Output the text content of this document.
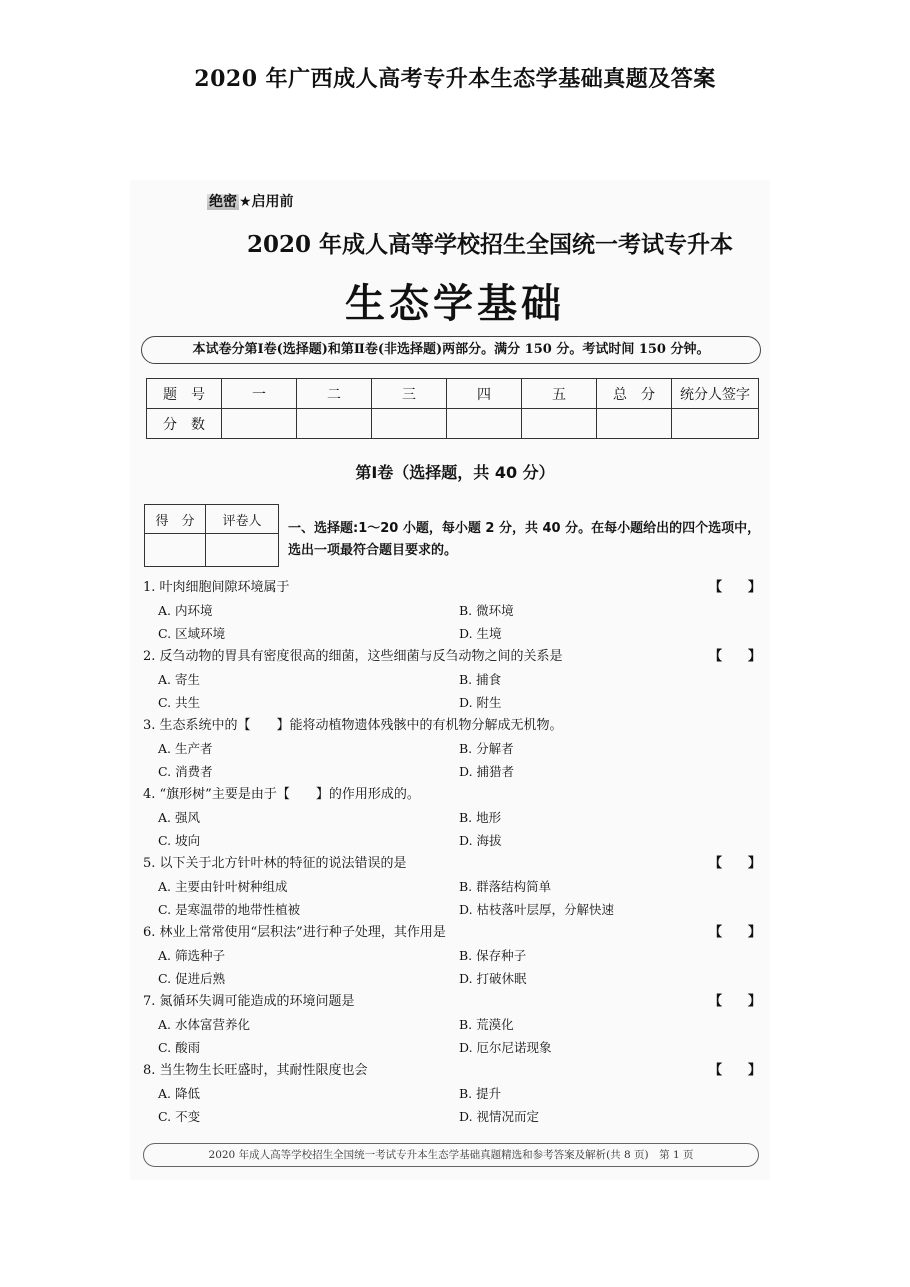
2020 年广西成人高考专升本生态学基础真题及答案
绝密 ★启用前
2020 年成人高等学校招生全国统一考试专升本
生态学基础
本试卷分第Ⅰ卷(选择题)和第Ⅱ卷(非选择题)两部分。满分 150 分。考试时间 150 分钟。
题　号	一	二	三	四	五	总　分	统分人签字
分　数							
第Ⅰ卷（选择题，共 40 分）
得　分	评卷人
	一、选择题:1～20 小题，每小题 2 分，共 40 分。在每小题给出的四个选项中，选出一项最符合题目要求的。
1. 叶肉细胞间隙环境属于	【　　】
A. 内环境	B. 微环境
C. 区域环境	D. 生境
2. 反刍动物的胃具有密度很高的细菌，这些细菌与反刍动物之间的关系是	【　　】
A. 寄生	B. 捕食
C. 共生	D. 附生
3. 生态系统中的【　　】能将动植物遗体残骸中的有机物分解成无机物。
A. 生产者	B. 分解者
C. 消费者	D. 捕猎者
4. “旗形树”主要是由于【　　】的作用形成的。
A. 强风	B. 地形
C. 坡向	D. 海拔
5. 以下关于北方针叶林的特征的说法错误的是	【　　】
A. 主要由针叶树种组成	B. 群落结构简单
C. 是寒温带的地带性植被	D. 枯枝落叶层厚，分解快速
6. 林业上常常使用“层积法”进行种子处理，其作用是	【　　】
A. 筛选种子	B. 保存种子
C. 促进后熟	D. 打破休眠
7. 氮循环失调可能造成的环境问题是	【　　】
A. 水体富营养化	B. 荒漠化
C. 酸雨	D. 厄尔尼诺现象
8. 当生物生长旺盛时，其耐性限度也会	【　　】
A. 降低	B. 提升
C. 不变	D. 视情况而定
2020 年成人高等学校招生全国统一考试专升本生态学基础真题精选和参考答案及解析(共 8 页)　第 1 页
